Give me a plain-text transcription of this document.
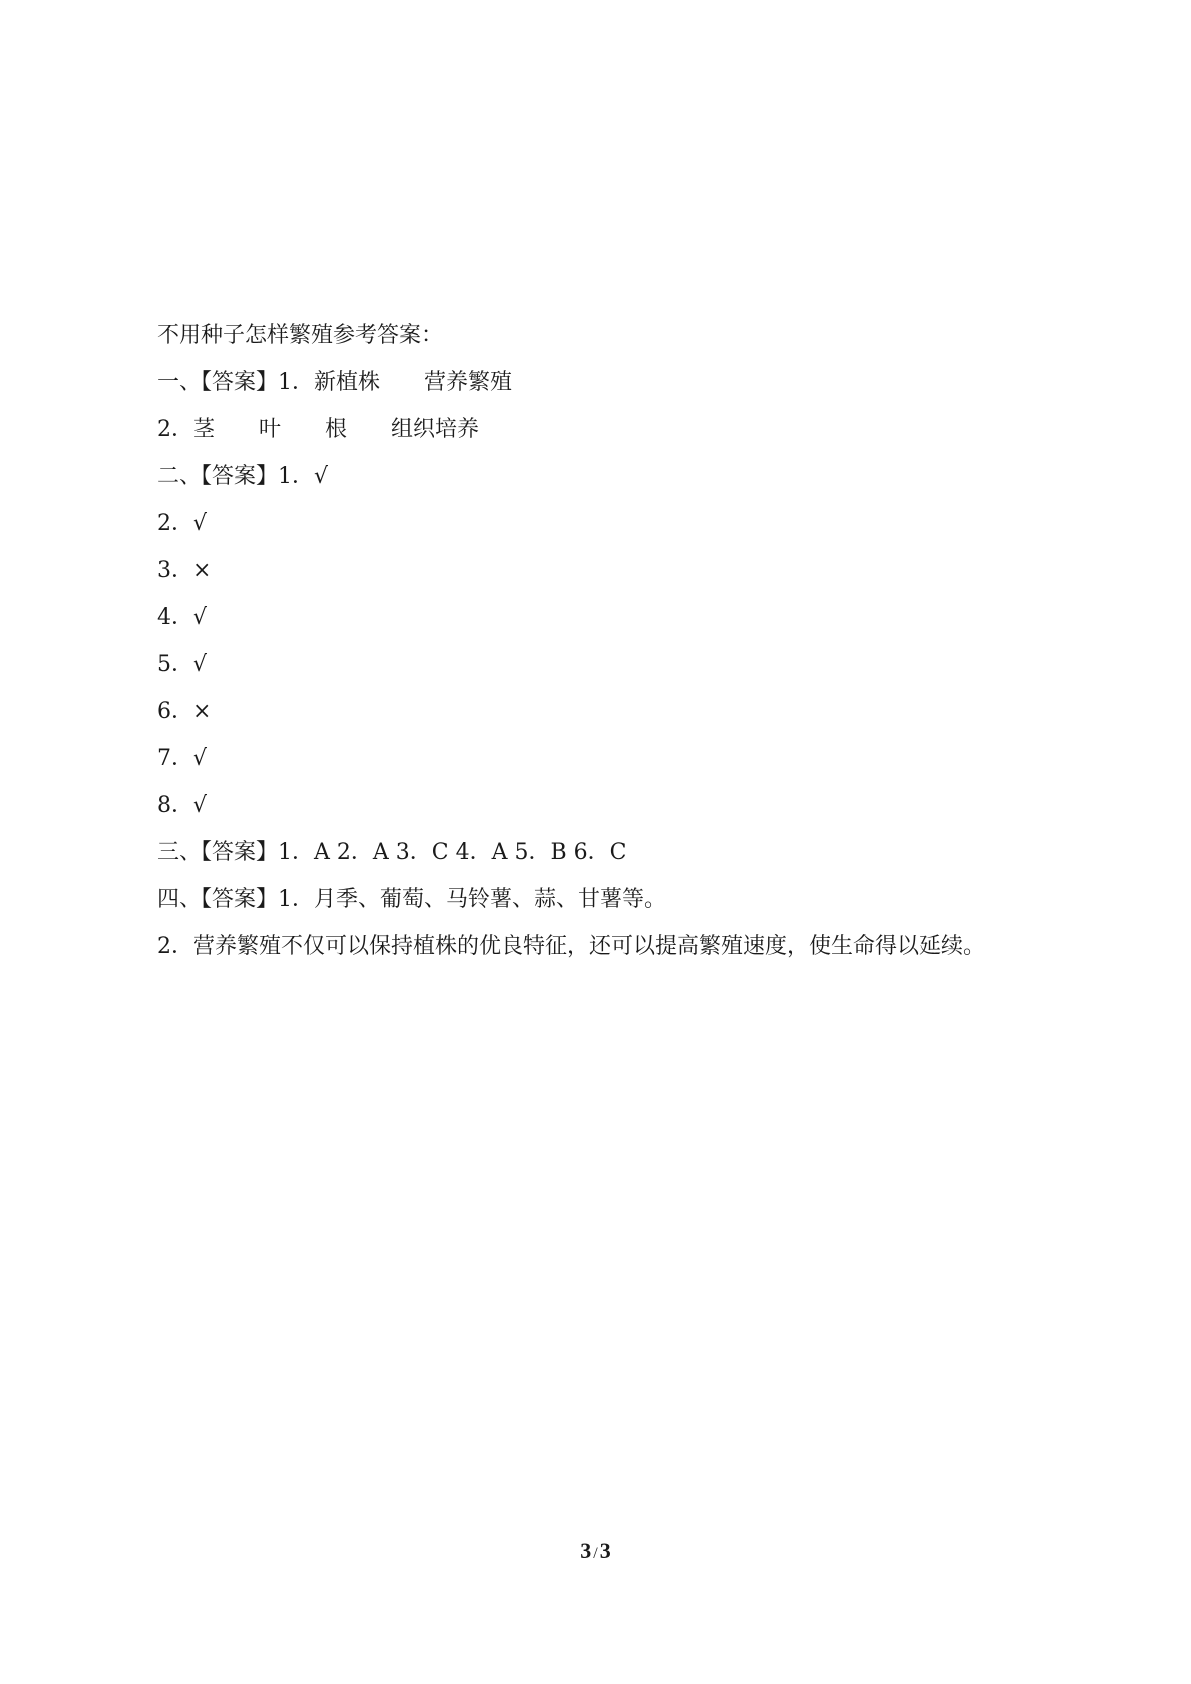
不用种子怎样繁殖参考答案：
一、【答案】1．新植株　　营养繁殖
2．茎　　叶　　根　　组织培养
二、【答案】1．√
2．√
3．×
4．√
5．√
6．×
7．√
8．√
三、【答案】1．A 2．A 3．C 4．A 5．B 6．C
四、【答案】1．月季、葡萄、马铃薯、蒜、甘薯等。
2．营养繁殖不仅可以保持植株的优良特征，还可以提高繁殖速度，使生命得以延续。
3 /3
